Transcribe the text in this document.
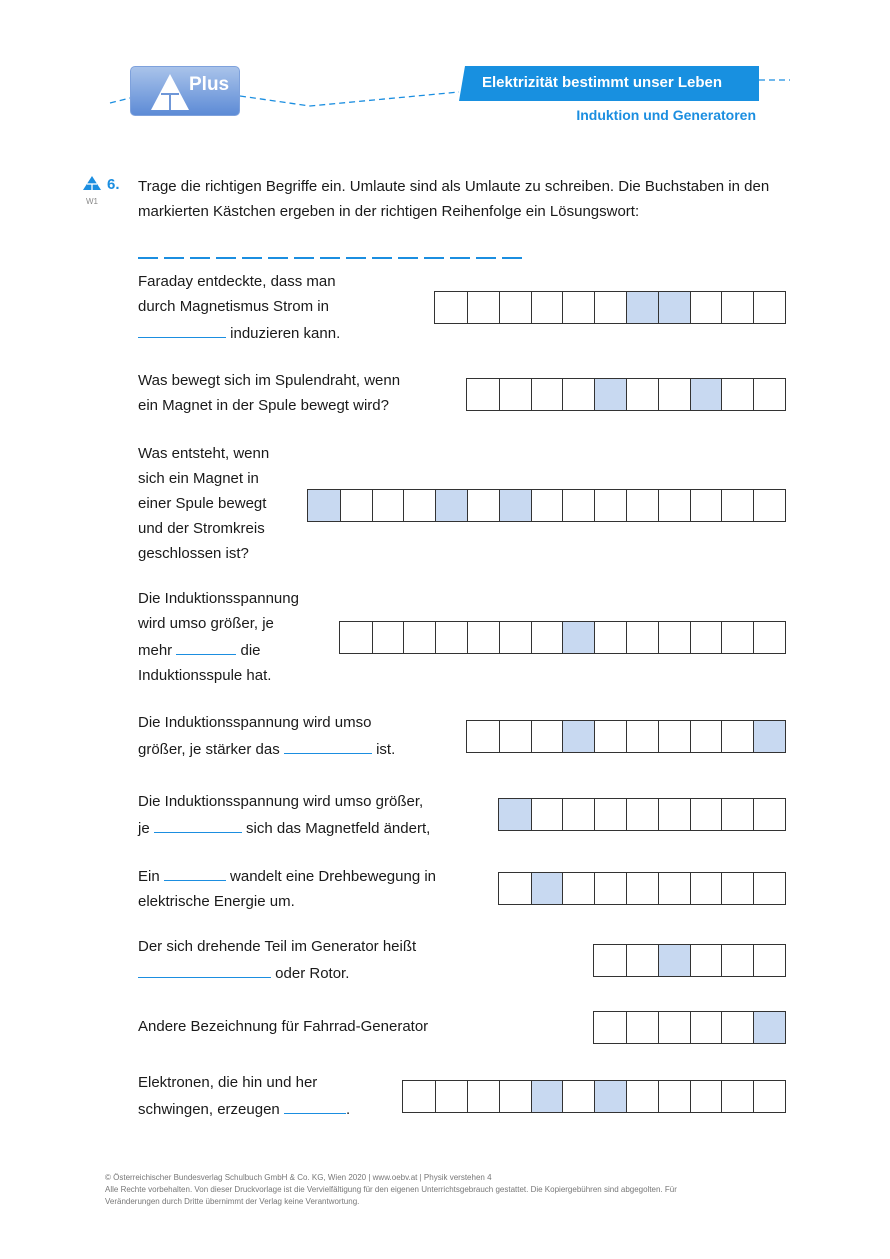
Plus	Elektrizität bestimmt unser Leben
Induktion und Generatoren
6.
W1
Trage die richtigen Begriffe ein. Umlaute sind als Umlaute zu schreiben. Die Buchstaben in den markierten Kästchen ergeben in der richtigen Reihenfolge ein Lösungswort:
Faraday entdeckte, dass man
durch Magnetismus Strom in
induzieren kann.
Was bewegt sich im Spulendraht, wenn
ein Magnet in der Spule bewegt wird?
Was entsteht, wenn
sich ein Magnet in
einer Spule bewegt
und der Stromkreis
geschlossen ist?
Die Induktionsspannung
wird umso größer, je
mehr	die
Induktionsspule hat.
Die Induktionsspannung wird umso
größer, je stärker das	ist.
Die Induktionsspannung wird umso größer,
je	sich das Magnetfeld ändert,
Ein	wandelt eine Drehbewegung in
elektrische Energie um.
Der sich drehende Teil im Generator heißt
oder Rotor.
Andere Bezeichnung für Fahrrad-Generator
Elektronen, die hin und her
schwingen, erzeugen	.
© Österreichischer Bundesverlag Schulbuch GmbH & Co. KG, Wien 2020 | www.oebv.at | Physik verstehen 4
Alle Rechte vorbehalten. Von dieser Druckvorlage ist die Vervielfältigung für den eigenen Unterrichtsgebrauch gestattet. Die Kopiergebühren sind abgegolten. Für
Veränderungen durch Dritte übernimmt der Verlag keine Verantwortung.
